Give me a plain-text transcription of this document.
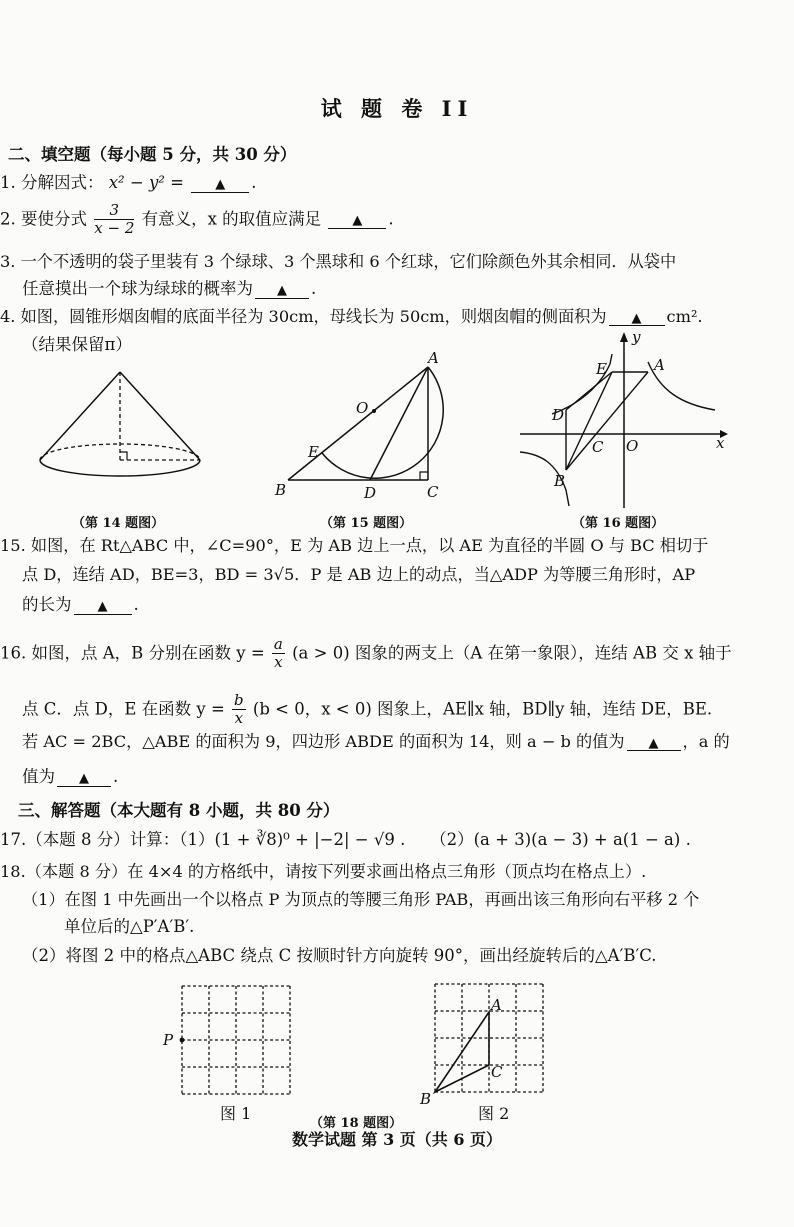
试 题 卷 II
二、填空题（每小题 5 分，共 30 分）
1. 分解因式： x² − y² = ▲ .
2. 要使分式 $\frac{3}{x - 2}$ 有意义，x 的取值应满足 ▲ .
3. 一个不透明的袋子里装有 3 个绿球、3 个黑球和 6 个红球，它们除颜色外其余相同．从袋中
任意摸出一个球为绿球的概率为 ▲ .
4. 如图，圆锥形烟囱帽的底面半径为 30cm，母线长为 50cm，则烟囱帽的侧面积为 ▲ cm².
（结果保留π）
（第 14 题图）
A
B	C
D
E
O
（第 15 题图）
y
x
O
A
B
C
D
E
（第 16 题图）
15. 如图，在 Rt△ABC 中，∠C=90°，E 为 AB 边上一点，以 AE 为直径的半圆 O 与 BC 相切于
点 D，连结 AD，BE=3，BD = 3√5．P 是 AB 边上的动点，当△ADP 为等腰三角形时，AP
的长为 ▲ .
16. 如图，点 A，B 分别在函数 $y = \frac{a}{x} (a > 0)$ 图象的两支上（A 在第一象限），连结 AB 交 x 轴于
点 C．点 D，E 在函数 $y = \frac{b}{x} (b < 0$，x < 0) 图象上，AE∥x 轴，BD∥y 轴，连结 DE，BE.
若 AC = 2BC，△ABE 的面积为 9，四边形 ABDE 的面积为 14，则 a − b 的值为 ▲ ，a 的
值为 ▲ .
三、解答题（本大题有 8 小题，共 80 分）
17.（本题 8 分）计算：（1）(1 + ∛8)⁰ + |−2| − √9 .　　（2）(a + 3)(a − 3) + a(1 − a) .
18.（本题 8 分）在 4×4 的方格纸中，请按下列要求画出格点三角形（顶点均在格点上）.
（1）在图 1 中先画出一个以格点 P 为顶点的等腰三角形 PAB，再画出该三角形向右平移 2 个
单位后的△P′A′B′.
（2）将图 2 中的格点△ABC 绕点 C 按顺时针方向旋转 90°，画出经旋转后的△A′B′C.
P
图 1
A
B
C
图 2
（第 18 题图）
数学试题 第 3 页（共 6 页）
